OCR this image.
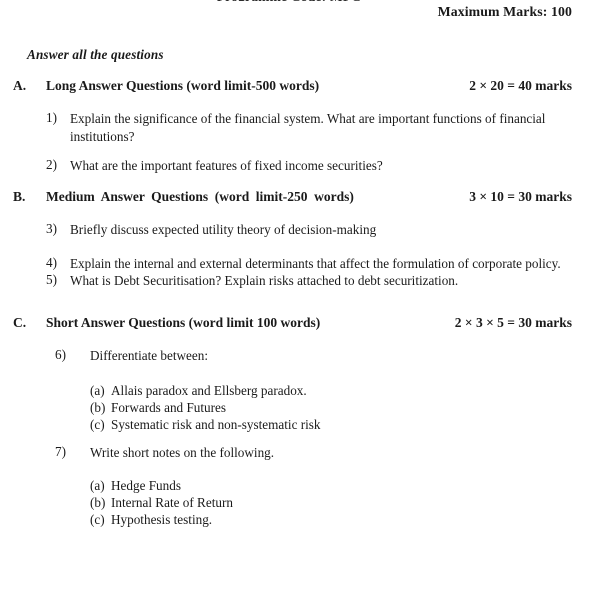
Maximum Marks: 100
Answer all the questions
A. Long Answer Questions (word limit-500 words)	2 × 20 = 40 marks
1) Explain the significance of the financial system. What are important functions of financial institutions?
2) What are the important features of fixed income securities?
B. Medium Answer Questions (word limit-250 words)	3 × 10 = 30 marks
3) Briefly discuss expected utility theory of decision-making
4) Explain the internal and external determinants that affect the formulation of corporate policy.
5) What is Debt Securitisation? Explain risks attached to debt securitization.
C. Short Answer Questions (word limit 100 words)	2 × 3 × 5 = 30 marks
6) Differentiate between:
(a) Allais paradox and Ellsberg paradox.
(b) Forwards and Futures
(c) Systematic risk and non-systematic risk
7) Write short notes on the following.
(a) Hedge Funds
(b) Internal Rate of Return
(c) Hypothesis testing.
